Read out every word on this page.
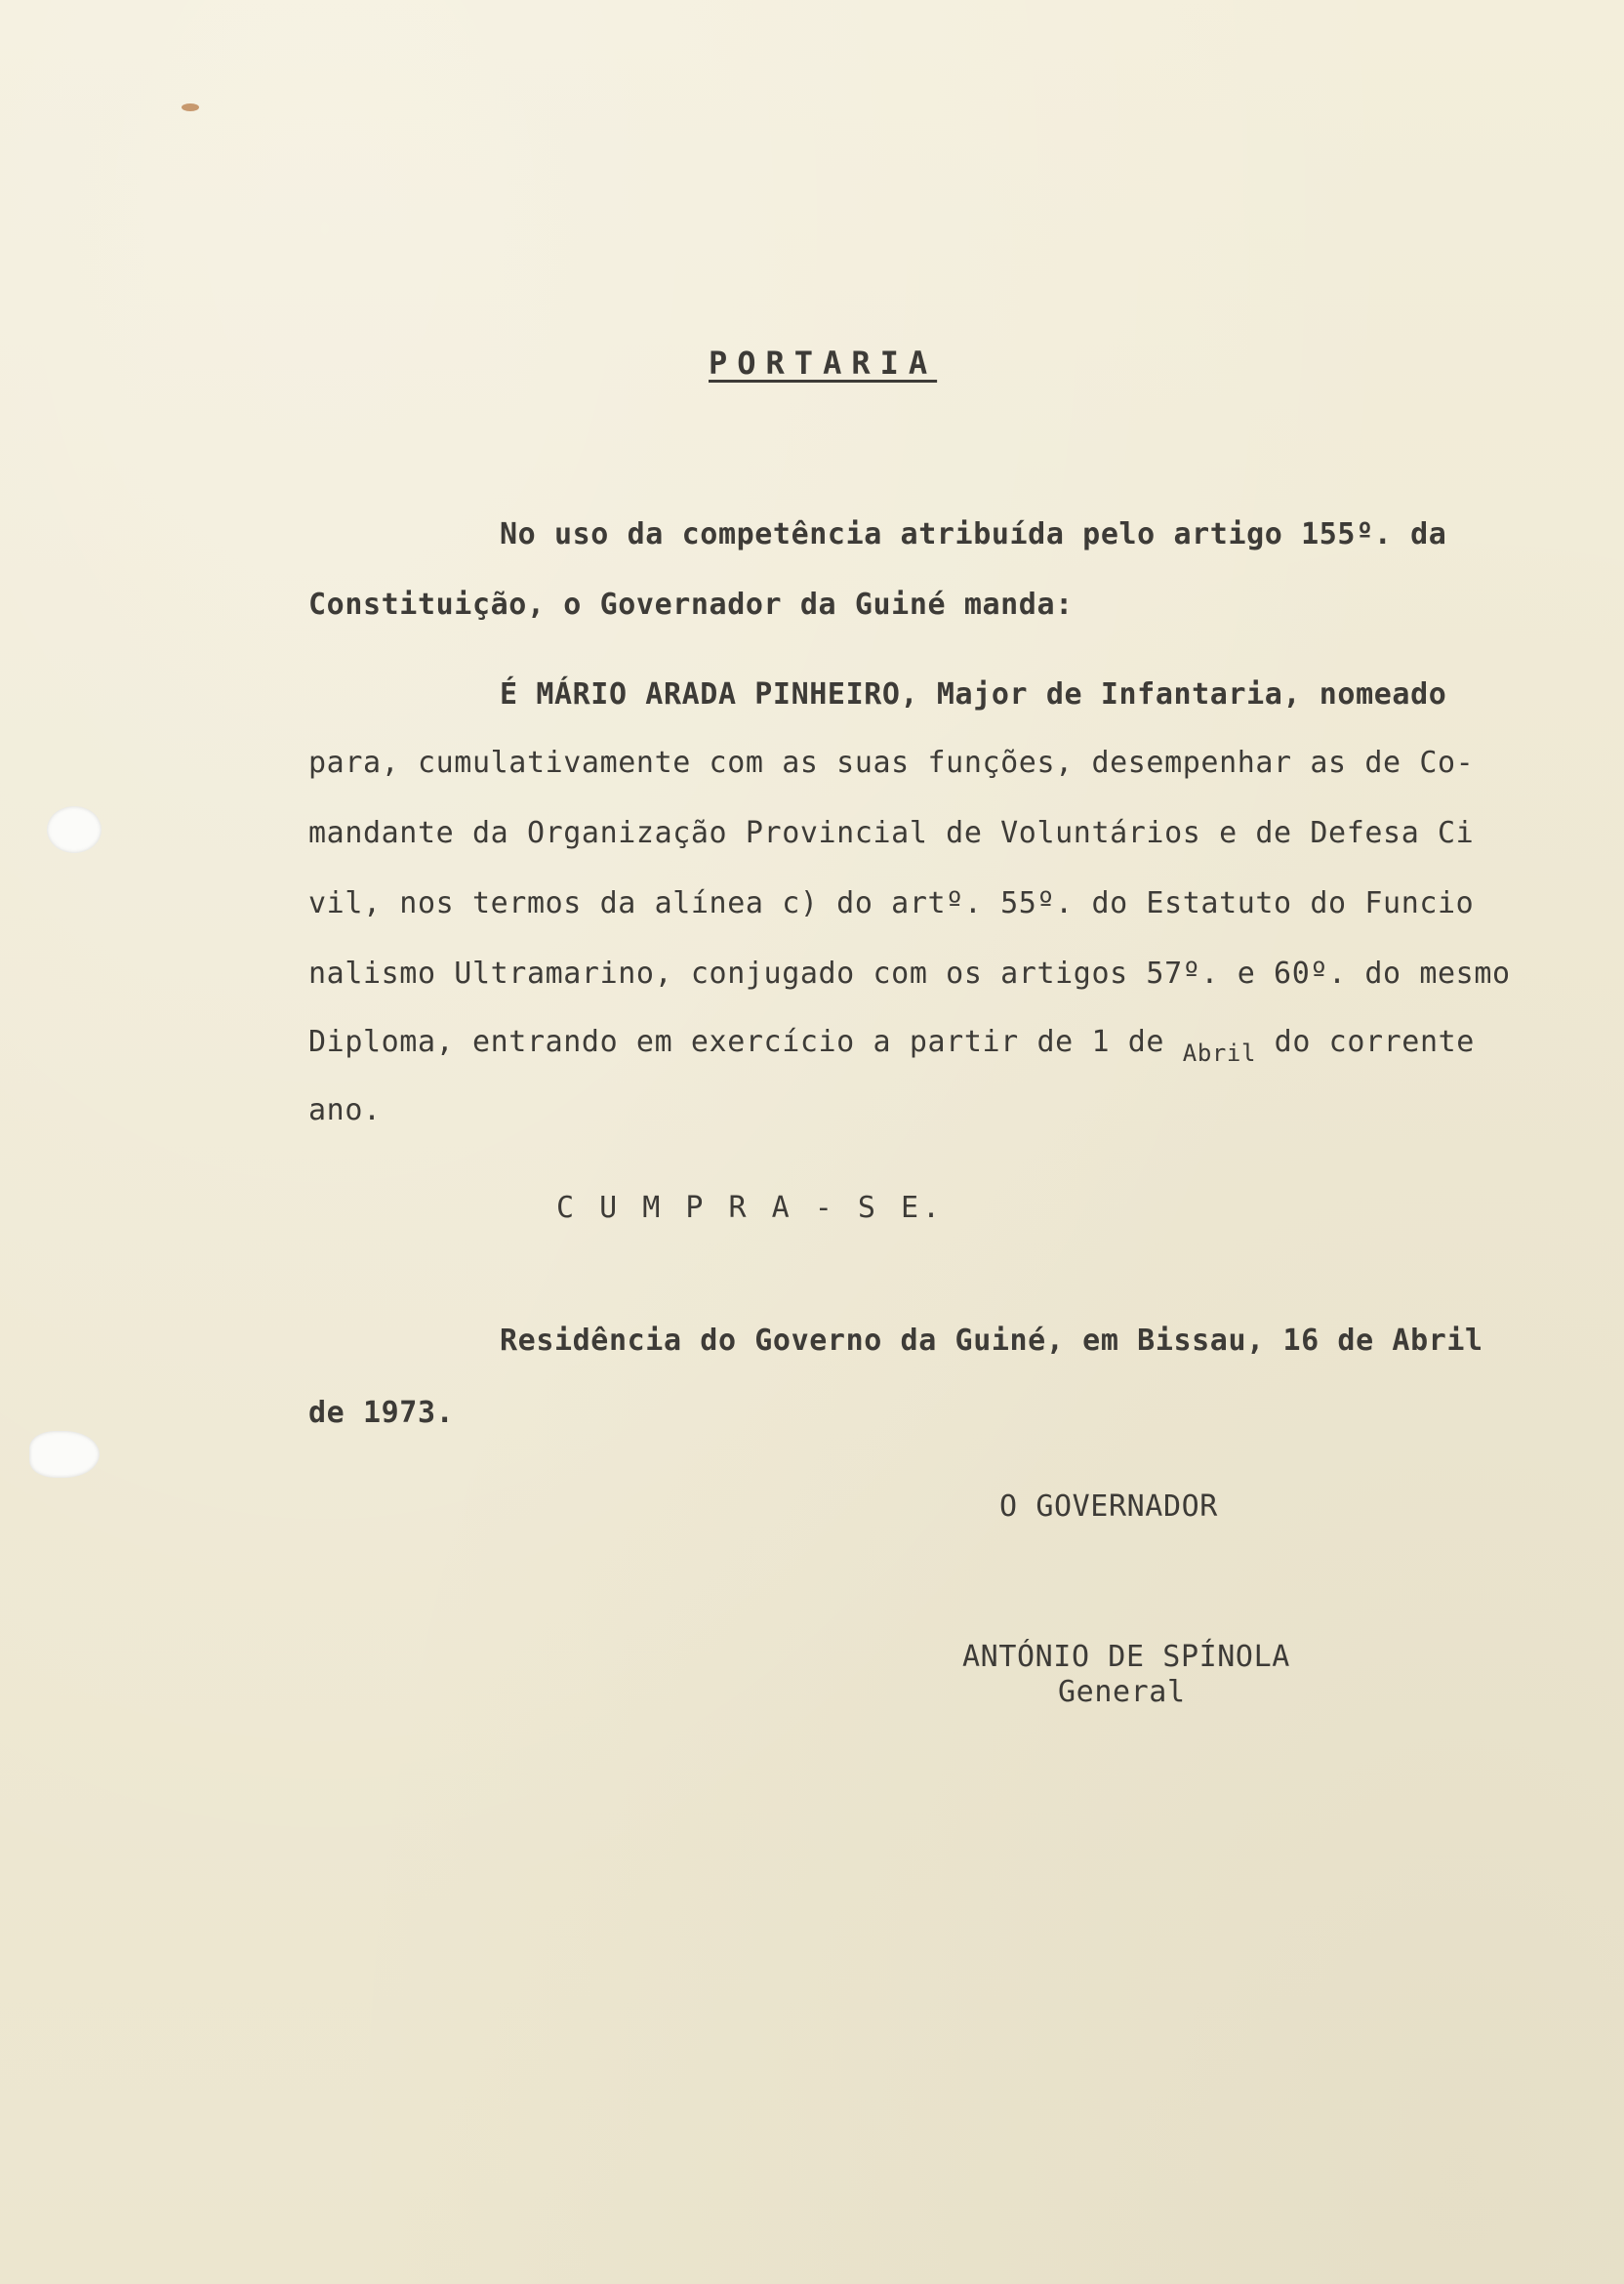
PORTARIA

No uso da competência atribuída pelo artigo 155º. da

Constituição, o Governador da Guiné manda:

É MÁRIO ARADA PINHEIRO, Major de Infantaria, nomeado

para, cumulativamente com as suas funções, desempenhar as de Co-

mandante da Organização Provincial de Voluntários e de Defesa Ci

vil, nos termos da alínea c) do artº. 55º. do Estatuto do Funcio

nalismo Ultramarino, conjugado com os artigos 57º. e 60º. do mesmo

Diploma, entrando em exercício a partir de 1 de $_{Abril}$ do corrente

ano.

C U M P R A - S E.

Residência do Governo da Guiné, em Bissau, 16 de Abril

de 1973.

O GOVERNADOR

ANTÓNIO DE SPÍNOLA

General
